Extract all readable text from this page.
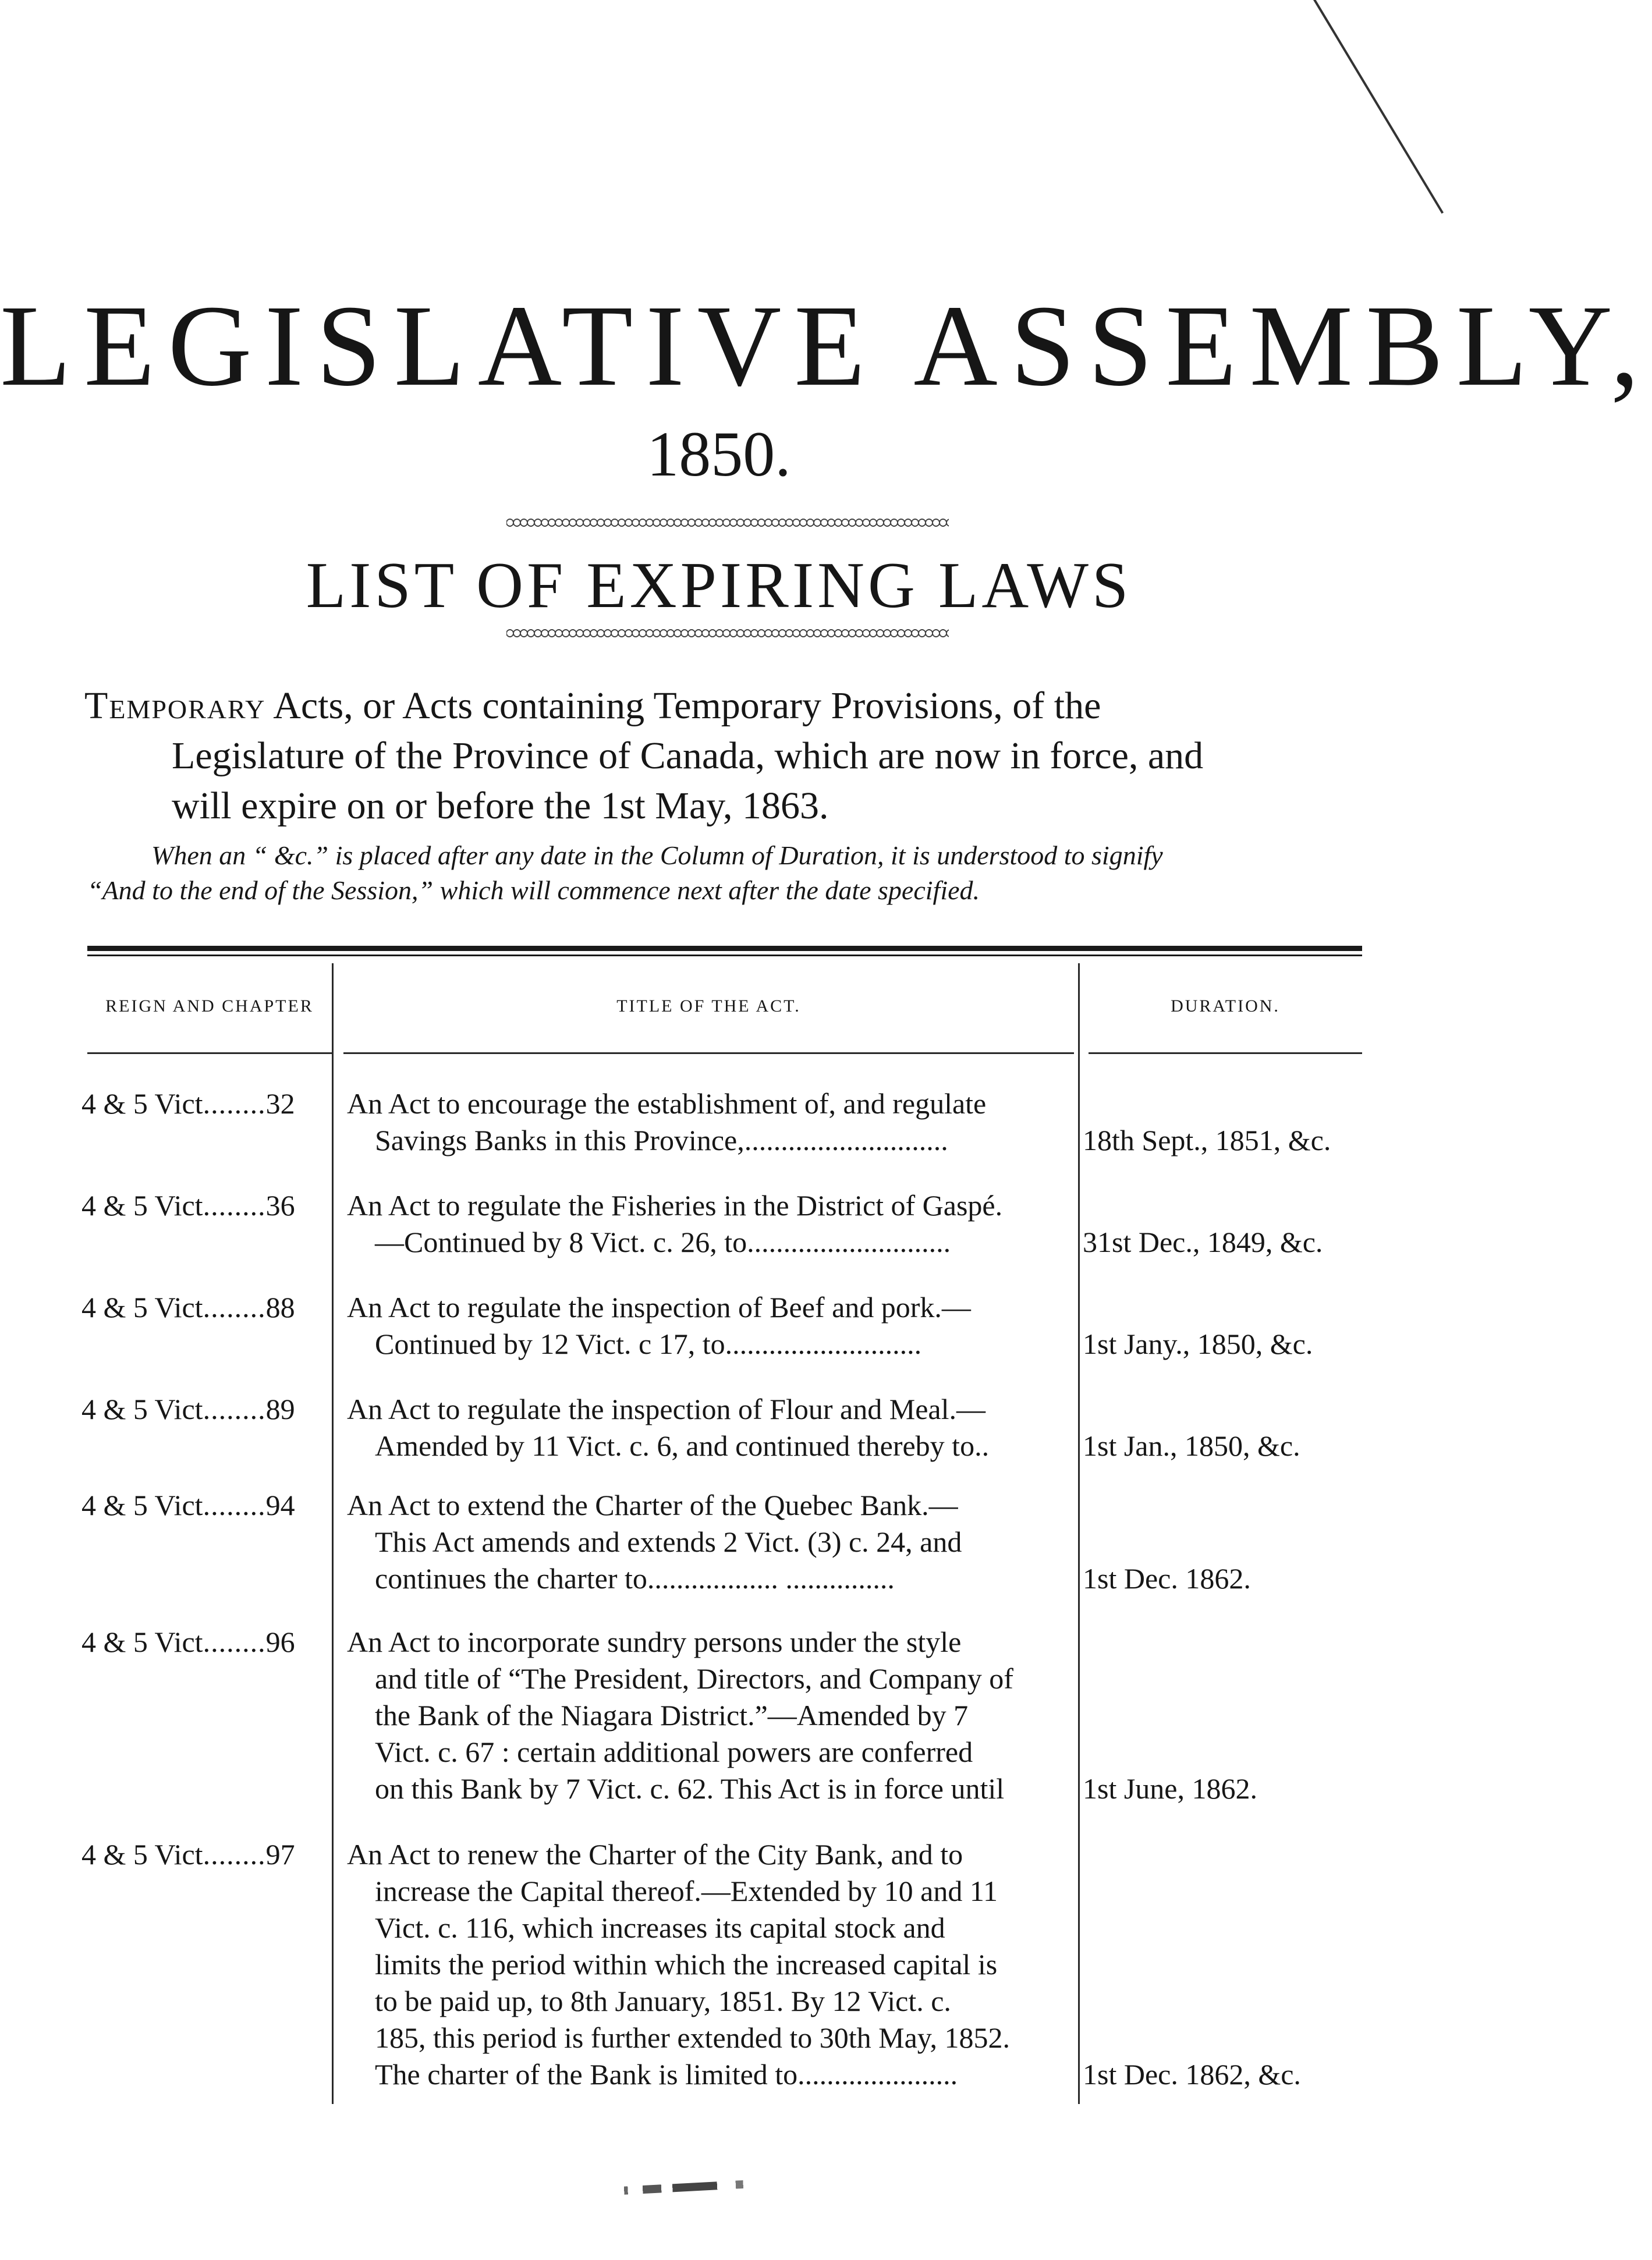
LEGISLATIVE ASSEMBLY,
1850.
LIST OF EXPIRING LAWS
Temporary Acts, or Acts containing Temporary Provisions, of the
Legislature of the Province of Canada, which are now in force, and
will expire on or before the 1st May, 1863.
When an “ &c.” is placed after any date in the Column of Duration, it is understood to signify
“And to the end of the Session,” which will commence next after the date specified.
REIGN AND CHAPTER	TITLE OF THE ACT.	DURATION.
4 & 5 Vict........32	An Act to encourage the establishment of, and regulate
Savings Banks in this Province,............................	18th Sept., 1851, &c.
4 & 5 Vict........36	An Act to regulate the Fisheries in the District of Gaspé.
—Continued by 8 Vict. c. 26, to............................	31st Dec., 1849, &c.
4 & 5 Vict........88	An Act to regulate the inspection of Beef and pork.—
Continued by 12 Vict. c 17, to...........................	1st Jany., 1850, &c.
4 & 5 Vict........89	An Act to regulate the inspection of Flour and Meal.—
Amended by 11 Vict. c. 6, and continued thereby to..	1st Jan., 1850, &c.
4 & 5 Vict........94	An Act to extend the Charter of the Quebec Bank.—
This Act amends and extends 2 Vict. (3) c. 24, and
continues the charter to.................. ...............	1st Dec. 1862.
4 & 5 Vict........96	An Act to incorporate sundry persons under the style
and title of “The President, Directors, and Company of
the Bank of the Niagara District.”—Amended by 7
Vict. c. 67 : certain additional powers are conferred
on this Bank by 7 Vict. c. 62. This Act is in force until	1st June, 1862.
4 & 5 Vict........97	An Act to renew the Charter of the City Bank, and to
increase the Capital thereof.—Extended by 10 and 11
Vict. c. 116, which increases its capital stock and
limits the period within which the increased capital is
to be paid up, to 8th January, 1851. By 12 Vict. c.
185, this period is further extended to 30th May, 1852.
The charter of the Bank is limited to......................	1st Dec. 1862, &c.
